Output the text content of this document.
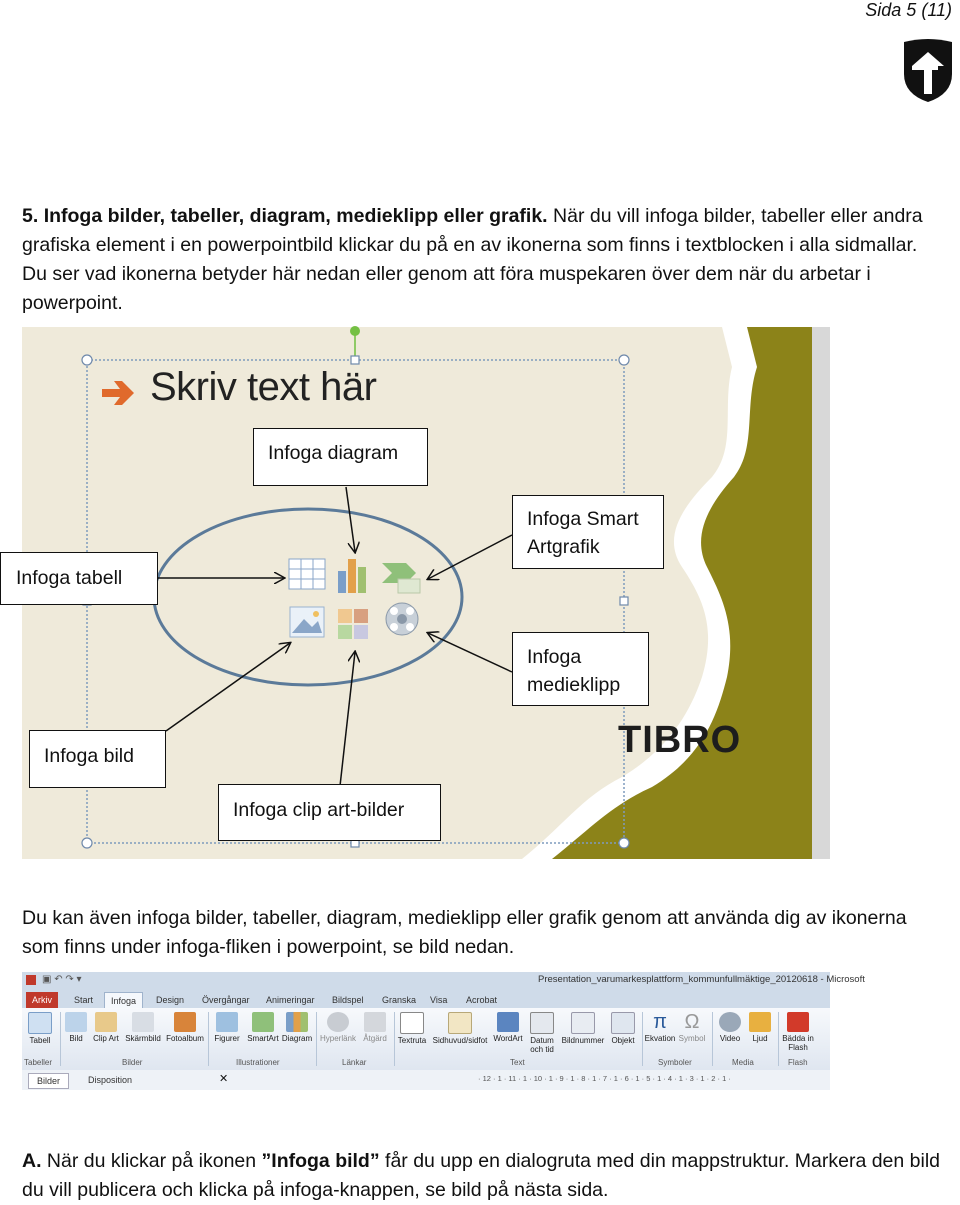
Sida 5 (11)

5. Infoga bilder, tabeller, diagram, medieklipp eller grafik. När du vill infoga bilder, tabeller eller andra grafiska element i en powerpointbild klickar du på en av ikonerna som finns i textblocken i alla sidmallar. Du ser vad ikonerna betyder här nedan eller genom att föra muspekaren över dem när du arbetar i powerpoint.

Skriv text här
TIBRO
Infoga diagram
Infoga Smart
Artgrafik
Infoga tabell
Infoga
medieklipp
Infoga bild
Infoga clip art-bilder

Du kan även infoga bilder, tabeller, diagram, medieklipp eller grafik genom att använda dig av ikonerna som finns under infoga-fliken i powerpoint, se bild nedan.

▣ ↶ ↷ ▾	Presentation_varumarkesplattform_kommunfullmäktige_20120618 - Microsoft
Arkiv	Start	Infoga	Design	Övergångar	Animeringar	Bildspel	Granska	Visa	Acrobat
Tabell	Bild	Clip Art Skärmbild Fotoalbum	Figurer SmartArt Diagram Hyperlänk Åtgärd	Textruta Sidhuvud/sidfot WordArt Datum och tid
Bildnummer Objekt
π
Ekvation
Ω
Symbol	Video	Ljud	Bädda in Flash
Tabeller	Bilder	Illustrationer	Länkar	Text	Symboler	Media	Flash
Bilder	Disposition	✕	· 12 · 1 · 11 · 1 · 10 · 1 · 9 · 1 · 8 · 1 · 7 · 1 · 6 · 1 · 5 · 1 · 4 · 1 · 3 · 1 · 2 · 1 ·

A. När du klickar på ikonen ”Infoga bild” får du upp en dialogruta med din mappstruktur. Markera den bild du vill publicera och klicka på infoga-knappen, se bild på nästa sida.
